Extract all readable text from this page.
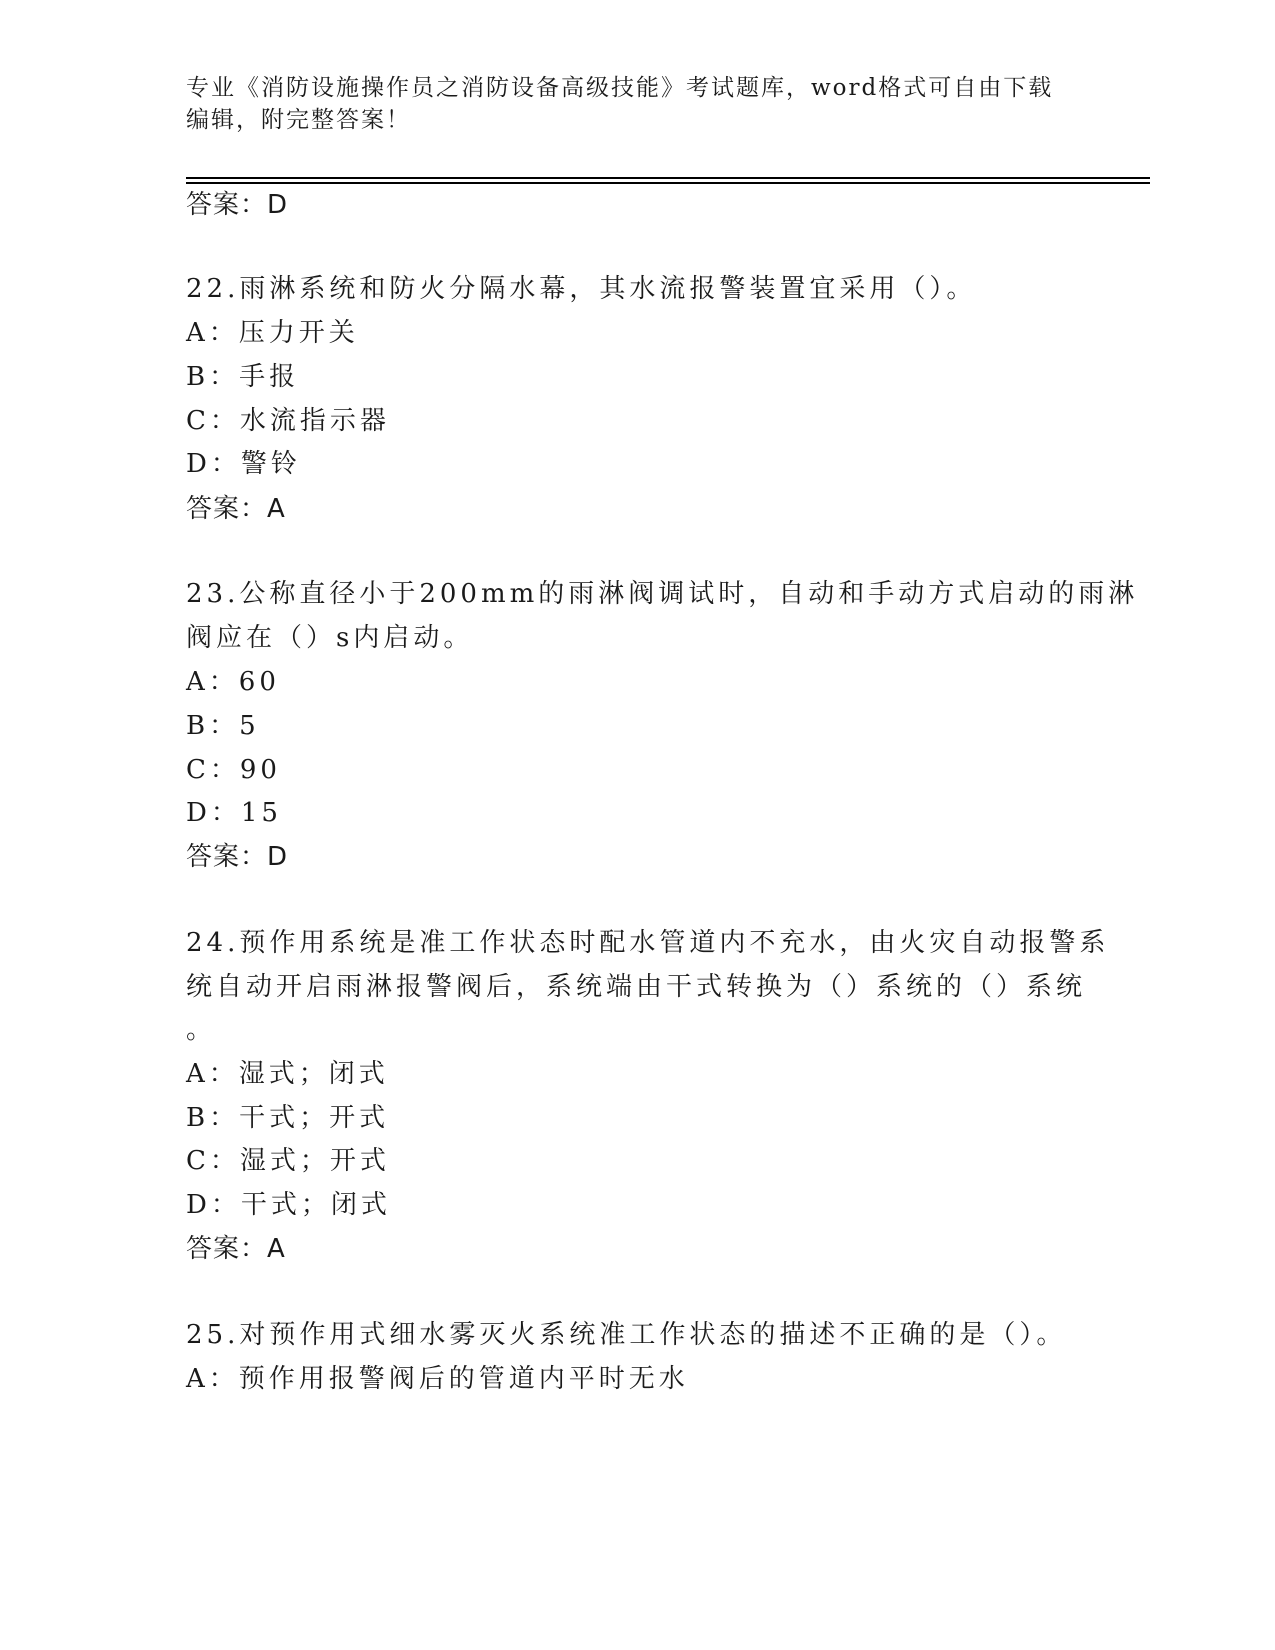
专业《消防设施操作员之消防设备高级技能》考试题库，word格式可自由下载编辑，附完整答案！
答案：D
22.雨淋系统和防火分隔水幕，其水流报警装置宜采用（）。
A：压力开关
B：手报
C：水流指示器
D：警铃
答案：A
23.公称直径小于200mm的雨淋阀调试时，自动和手动方式启动的雨淋
阀应在（）s内启动。
A：60
B：5
C：90
D：15
答案：D
24.预作用系统是准工作状态时配水管道内不充水，由火灾自动报警系
统自动开启雨淋报警阀后，系统端由干式转换为（）系统的（）系统
。
A：湿式；闭式
B：干式；开式
C：湿式；开式
D：干式；闭式
答案：A
25.对预作用式细水雾灭火系统准工作状态的描述不正确的是（）。
A：预作用报警阀后的管道内平时无水
